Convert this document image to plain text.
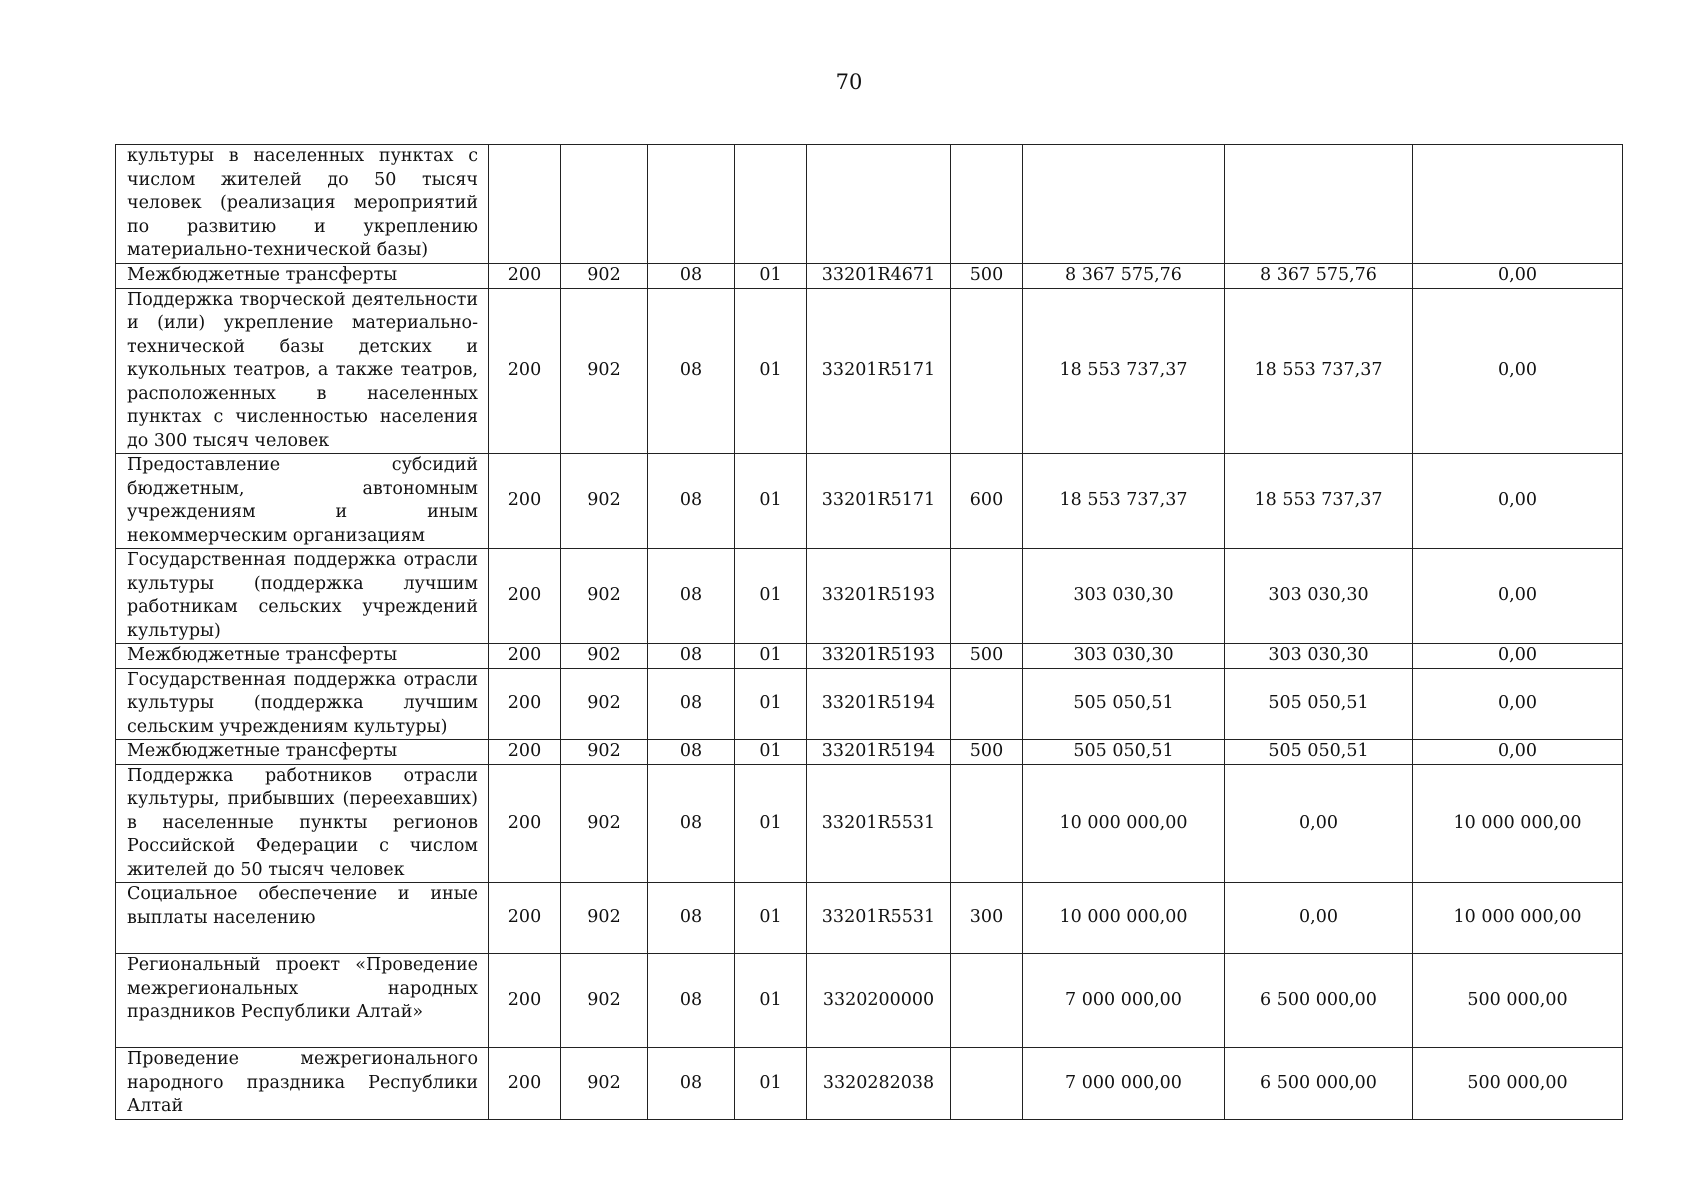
70
культуры в населенных пунктах с числом жителей до 50 тысяч человек (реализация мероприятий по развитию и укреплению материально-технической базы)									
Межбюджетные трансферты	200	902	08	01	33201R4671	500	8 367 575,76	8 367 575,76	0,00
Поддержка творческой деятельности и (или) укрепление материально-технической базы детских и кукольных театров, а также театров, расположенных в населенных пунктах с численностью населения до 300 тысяч человек	200	902	08	01	33201R5171		18 553 737,37	18 553 737,37	0,00
Предоставление субсидий бюджетным, автономным учреждениям и иным некоммерческим организациям	200	902	08	01	33201R5171	600	18 553 737,37	18 553 737,37	0,00
Государственная поддержка отрасли культуры (поддержка лучшим работникам сельских учреждений культуры)	200	902	08	01	33201R5193		303 030,30	303 030,30	0,00
Межбюджетные трансферты	200	902	08	01	33201R5193	500	303 030,30	303 030,30	0,00
Государственная поддержка отрасли культуры (поддержка лучшим сельским учреждениям культуры)	200	902	08	01	33201R5194		505 050,51	505 050,51	0,00
Межбюджетные трансферты	200	902	08	01	33201R5194	500	505 050,51	505 050,51	0,00
Поддержка работников отрасли культуры, прибывших (переехавших) в населенные пункты регионов Российской Федерации с числом жителей до 50 тысяч человек	200	902	08	01	33201R5531		10 000 000,00	0,00	10 000 000,00
Социальное обеспечение и иные выплаты населению	200	902	08	01	33201R5531	300	10 000 000,00	0,00	10 000 000,00
Региональный проект «Проведение межрегиональных народных праздников Республики Алтай»	200	902	08	01	3320200000		7 000 000,00	6 500 000,00	500 000,00
Проведение межрегионального народного праздника Республики Алтай	200	902	08	01	3320282038		7 000 000,00	6 500 000,00	500 000,00
